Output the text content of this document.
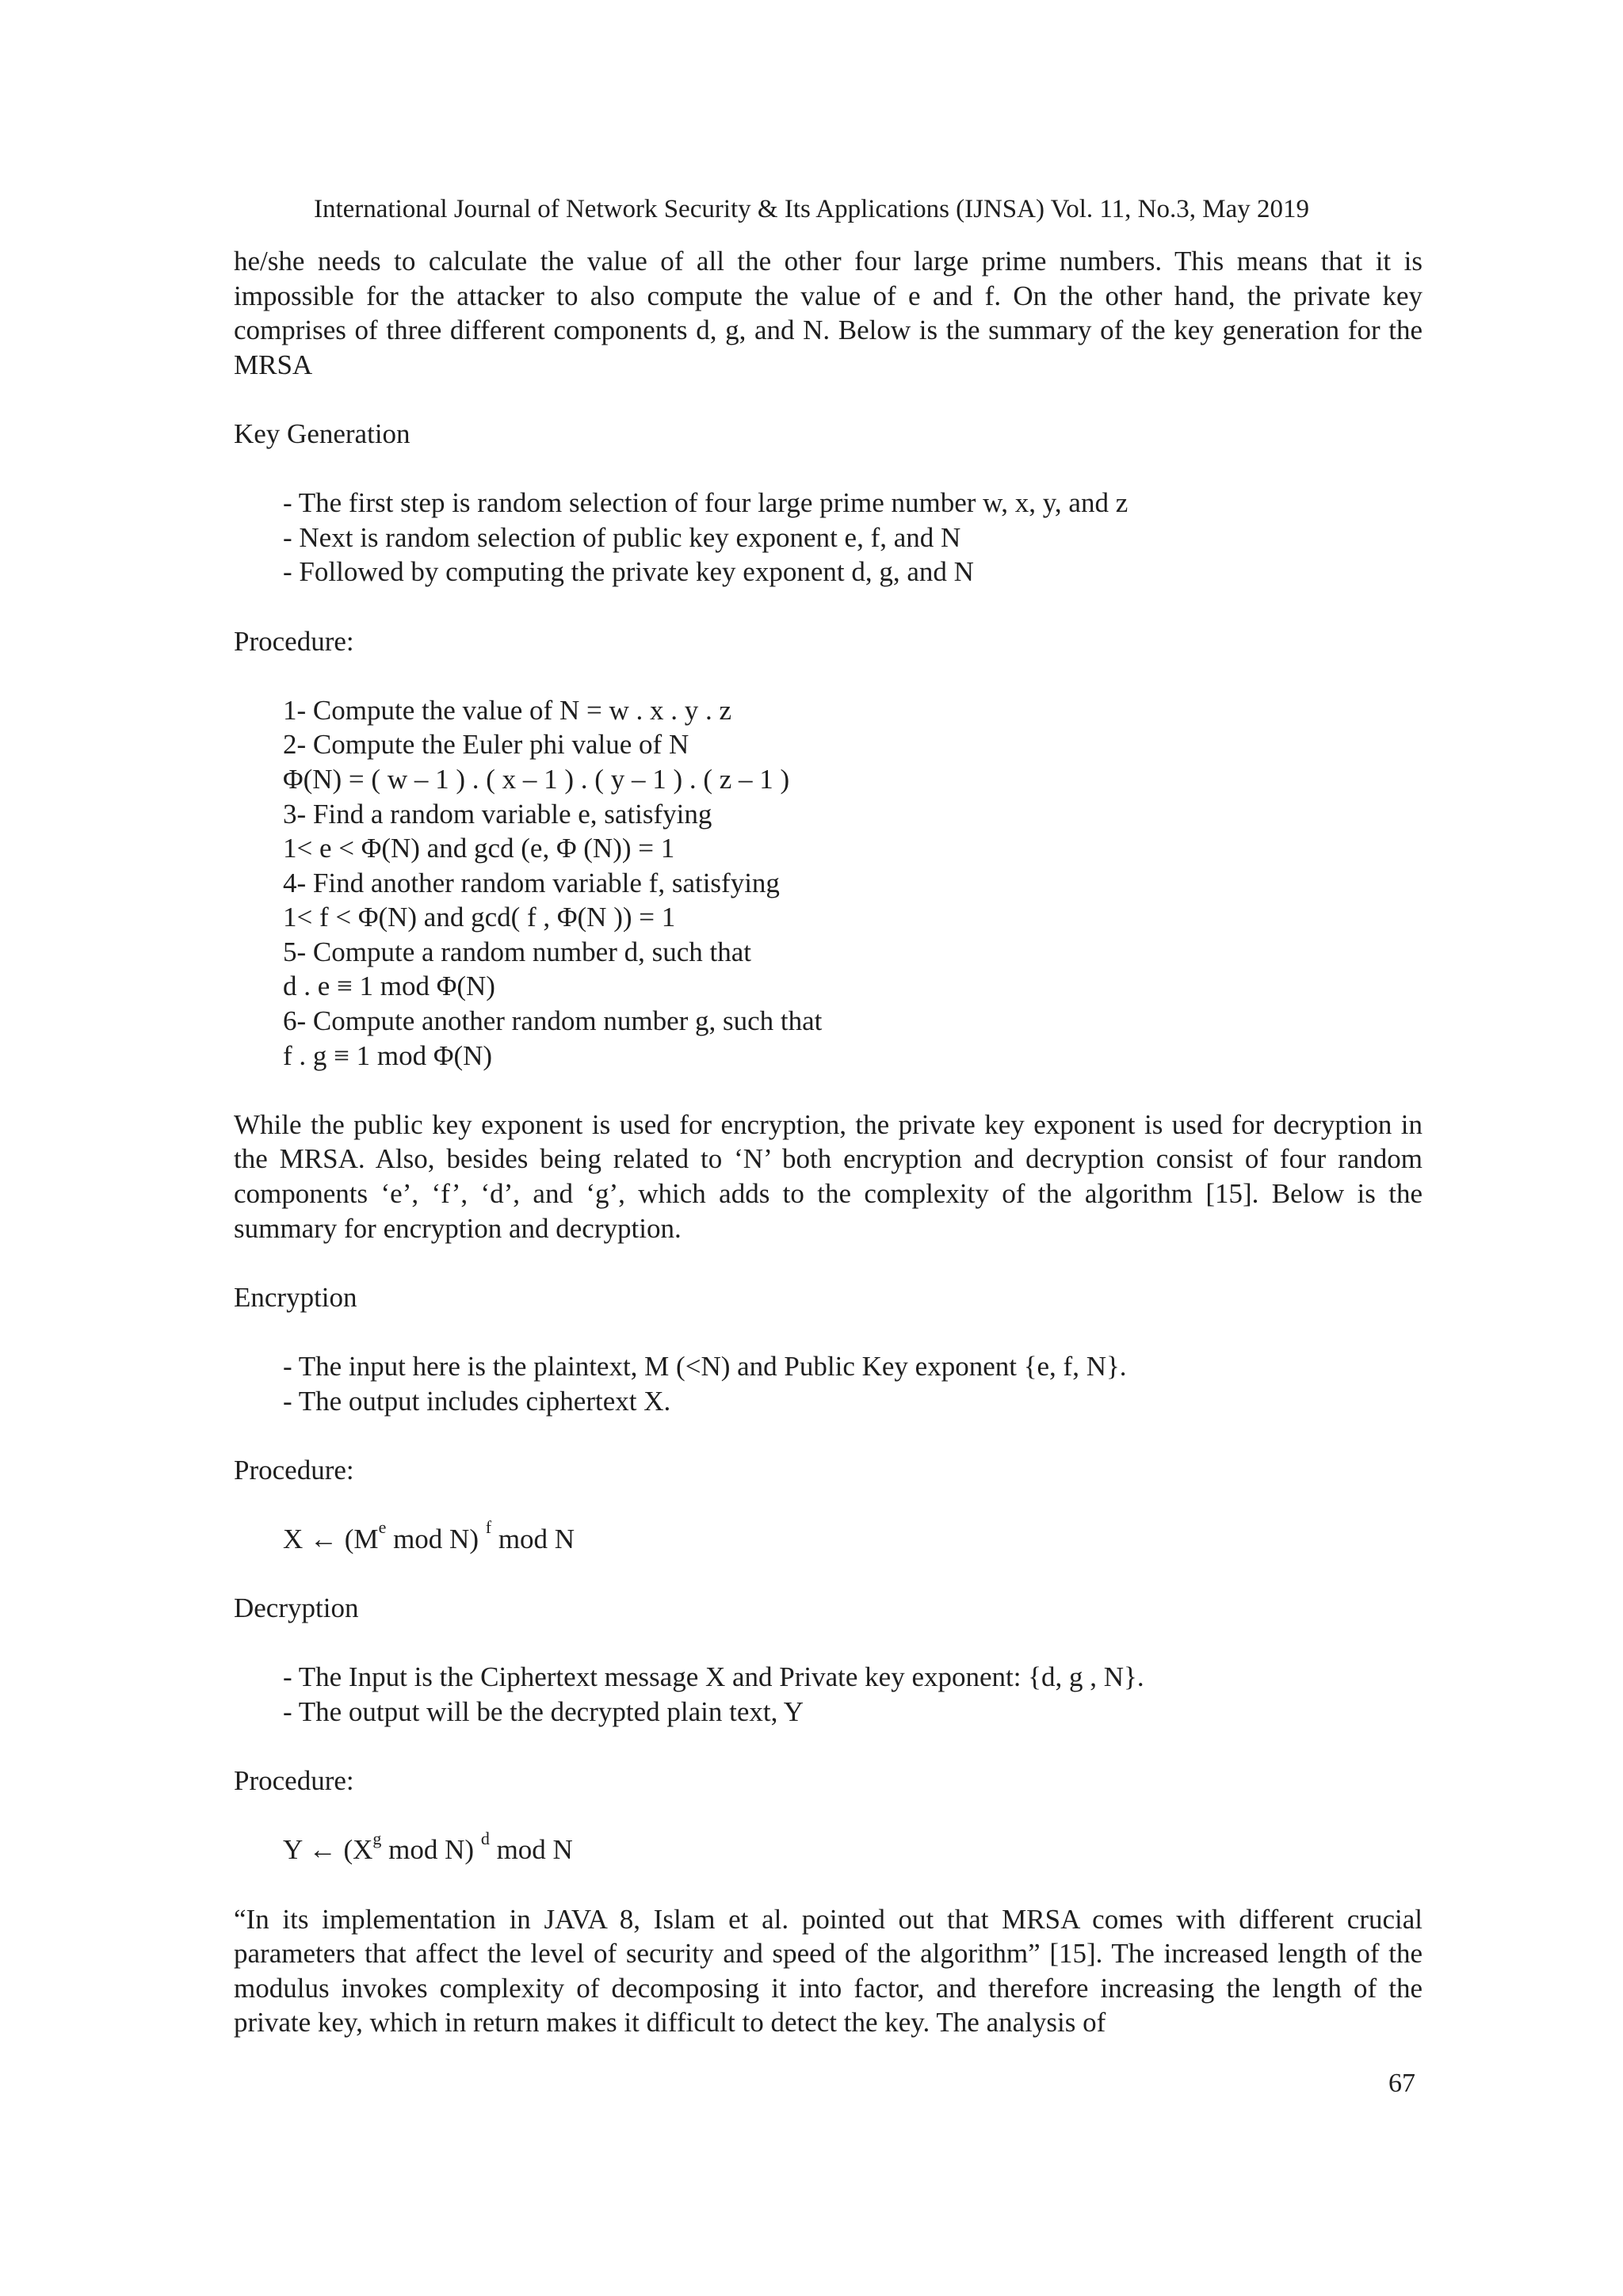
International Journal of Network Security & Its Applications (IJNSA) Vol. 11, No.3, May 2019

he/she needs to calculate the value of all the other four large prime numbers. This means that it is impossible for the attacker to also compute the value of e and f. On the other hand, the private key comprises of three different components d, g, and N. Below is the summary of the key generation for the MRSA

Key Generation
- The first step is random selection of four large prime number w, x, y, and z
- Next is random selection of public key exponent e, f, and N
- Followed by computing the private key exponent d, g, and N
Procedure:
1- Compute the value of N = w . x . y . z
2- Compute the Euler phi value of N
Φ(N) = ( w – 1 ) . ( x – 1 ) . ( y – 1 ) . ( z – 1 )
3- Find a random variable e, satisfying
1< e < Φ(N) and gcd (e, Φ (N)) = 1
4- Find another random variable f, satisfying
1< f < Φ(N) and gcd( f , Φ(N )) = 1
5- Compute a random number d, such that
d . e ≡ 1 mod Φ(N)
6- Compute another random number g, such that
f . g ≡ 1 mod Φ(N)

While the public key exponent is used for encryption, the private key exponent is used for decryption in the MRSA. Also, besides being related to ‘N’ both encryption and decryption consist of four random components ‘e’, ‘f’, ‘d’, and ‘g’, which adds to the complexity of the algorithm [15]. Below is the summary for encryption and decryption.

Encryption
- The input here is the plaintext, M (<N) and Public Key exponent {e, f, N}.
- The output includes ciphertext X.
Procedure:
X ← (Me mod N) $^f$ mod N
Decryption
- The Input is the Ciphertext message X and Private key exponent: {d, g , N}.
- The output will be the decrypted plain text, Y
Procedure:
Y ← ($X^g$ mod N) $^d$ mod N

“In its implementation in JAVA 8, Islam et al. pointed out that MRSA comes with different crucial parameters that affect the level of security and speed of the algorithm” [15]. The increased length of the modulus invokes complexity of decomposing it into factor, and therefore increasing the length of the private key, which in return makes it difficult to detect the key. The analysis of

67
